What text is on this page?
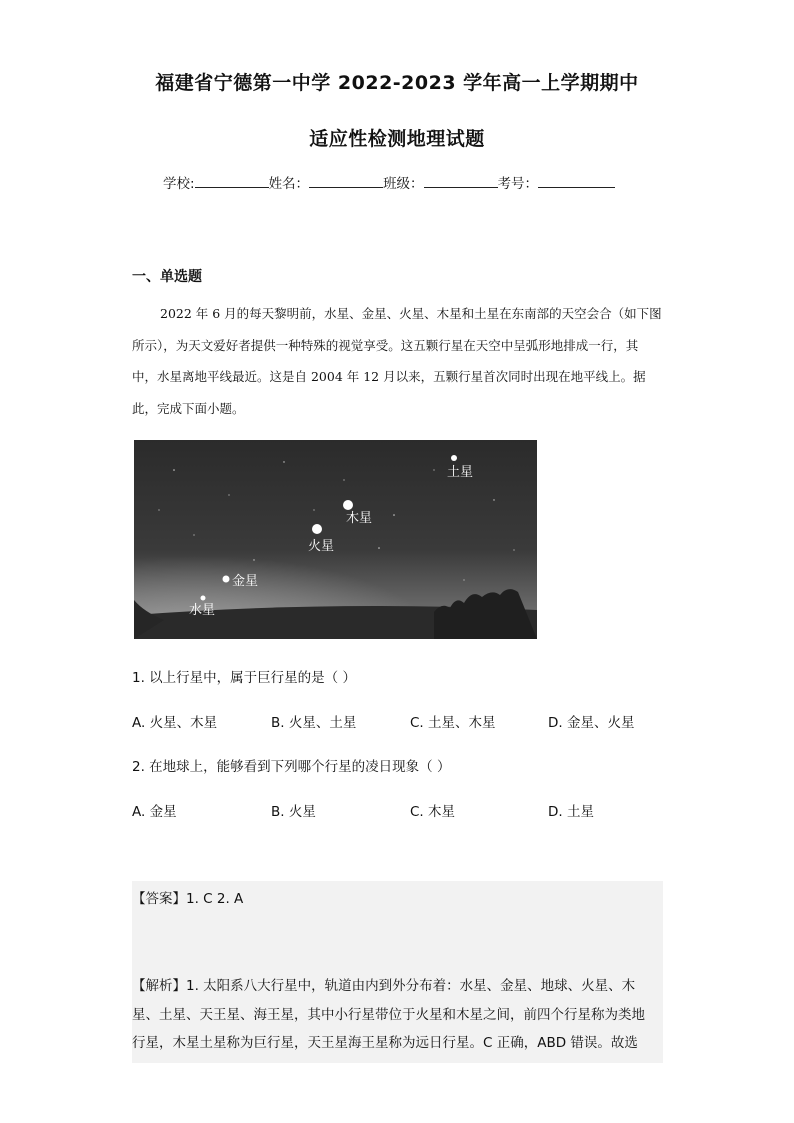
福建省宁德第一中学 2022-2023 学年高一上学期期中
适应性检测地理试题
学校:	姓名：	班级：	考号：
一、单选题
2022 年 6 月的每天黎明前，水星、金星、火星、木星和土星在东南部的天空会合（如下图所示），为天文爱好者提供一种特殊的视觉享受。这五颗行星在天空中呈弧形地排成一行，其中，水星离地平线最近。这是自 2004 年 12 月以来，五颗行星首次同时出现在地平线上。据此，完成下面小题。
土星
木星
火星
金星
水星
1. 以上行星中，属于巨行星的是（ ）
A. 火星、木星	B. 火星、土星	C. 土星、木星	D. 金星、火星
2. 在地球上，能够看到下列哪个行星的凌日现象（ ）
A. 金星	B. 火星	C. 木星	D. 土星
【答案】1. C 2. A
【解析】1. 太阳系八大行星中，轨道由内到外分布着：水星、金星、地球、火星、木
星、土星、天王星、海王星，其中小行星带位于火星和木星之间，前四个行星称为类地
行星，木星土星称为巨行星，天王星海王星称为远日行星。C 正确，ABD 错误。故选
